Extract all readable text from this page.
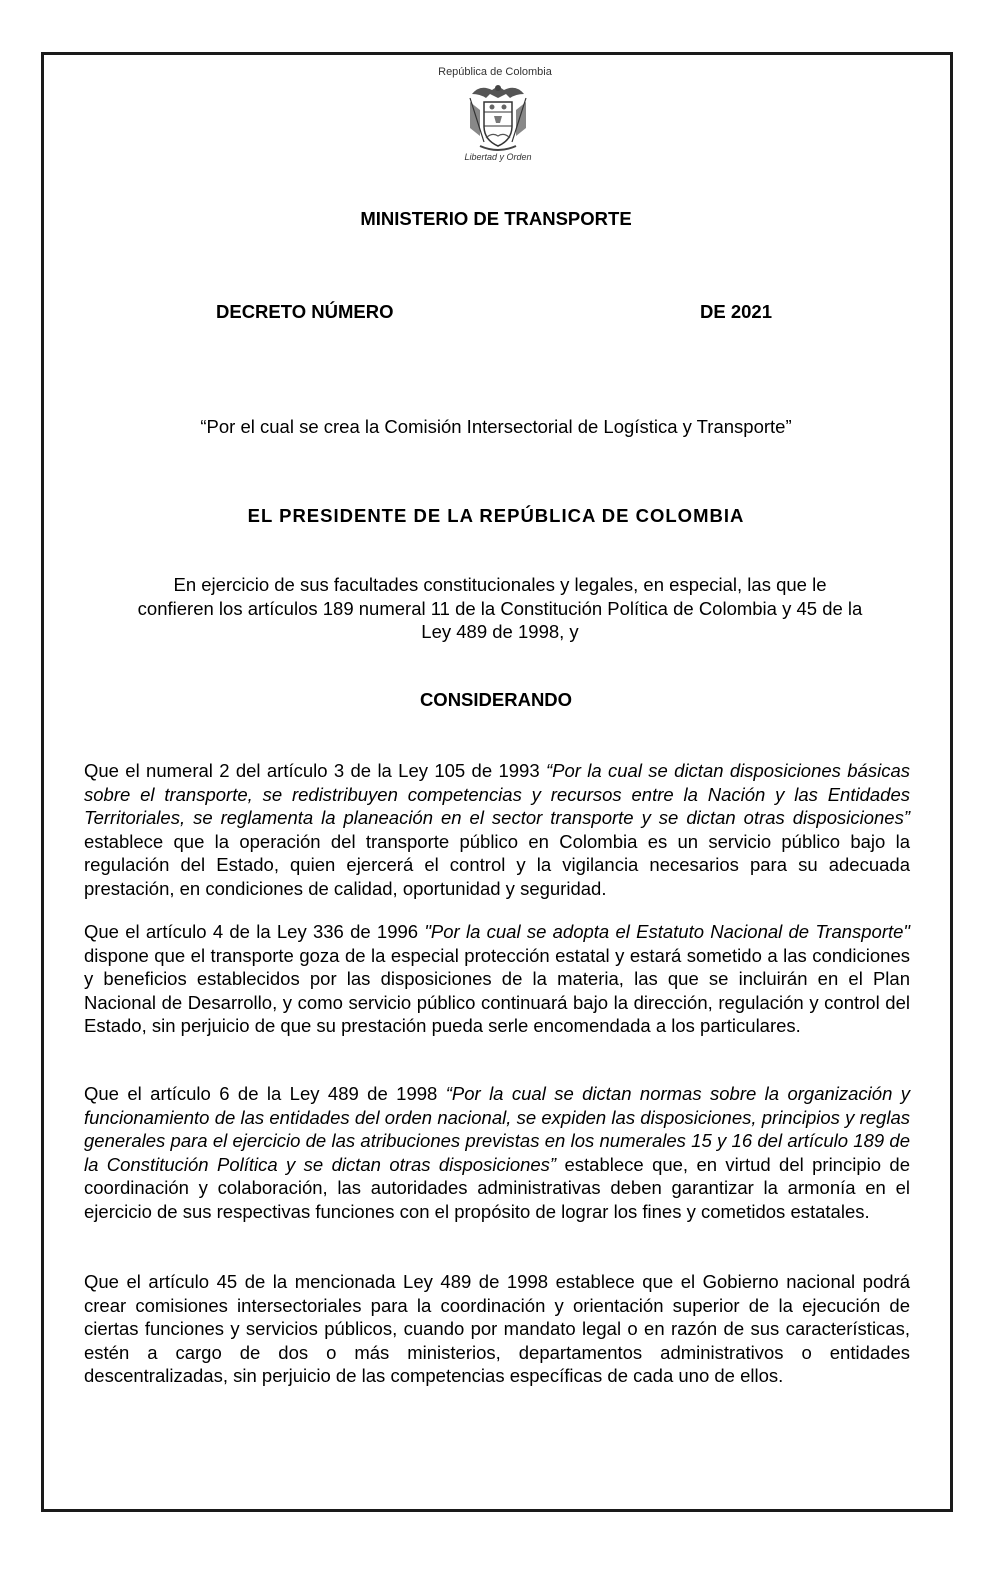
República de Colombia
Libertad y Orden
MINISTERIO DE TRANSPORTE
DECRETO NÚMERO	DE 2021
“Por el cual se crea la Comisión Intersectorial de Logística y Transporte”
EL PRESIDENTE DE LA REPÚBLICA DE COLOMBIA
En ejercicio de sus facultades constitucionales y legales, en especial, las que le
confieren los artículos 189 numeral 11 de la Constitución Política de Colombia y 45 de la
Ley 489 de 1998, y
CONSIDERANDO
Que el numeral 2 del artículo 3 de la Ley 105 de 1993 “Por la cual se dictan disposiciones básicas sobre el transporte, se redistribuyen competencias y recursos entre la Nación y las Entidades Territoriales, se reglamenta la planeación en el sector transporte y se dictan otras disposiciones” establece que la operación del transporte público en Colombia es un servicio público bajo la regulación del Estado, quien ejercerá el control y la vigilancia necesarios para su adecuada prestación, en condiciones de calidad, oportunidad y seguridad.
Que el artículo 4 de la Ley 336 de 1996 "Por la cual se adopta el Estatuto Nacional de Transporte" dispone que el transporte goza de la especial protección estatal y estará sometido a las condiciones y beneficios establecidos por las disposiciones de la materia, las que se incluirán en el Plan Nacional de Desarrollo, y como servicio público continuará bajo la dirección, regulación y control del Estado, sin perjuicio de que su prestación pueda serle encomendada a los particulares.
Que el artículo 6 de la Ley 489 de 1998 “Por la cual se dictan normas sobre la organización y funcionamiento de las entidades del orden nacional, se expiden las disposiciones, principios y reglas generales para el ejercicio de las atribuciones previstas en los numerales 15 y 16 del artículo 189 de la Constitución Política y se dictan otras disposiciones” establece que, en virtud del principio de coordinación y colaboración, las autoridades administrativas deben garantizar la armonía en el ejercicio de sus respectivas funciones con el propósito de lograr los fines y cometidos estatales.
Que el artículo 45 de la mencionada Ley 489 de 1998 establece que el Gobierno nacional podrá crear comisiones intersectoriales para la coordinación y orientación superior de la ejecución de ciertas funciones y servicios públicos, cuando por mandato legal o en razón de sus características, estén a cargo de dos o más ministerios, departamentos administrativos o entidades descentralizadas, sin perjuicio de las competencias específicas de cada uno de ellos.
